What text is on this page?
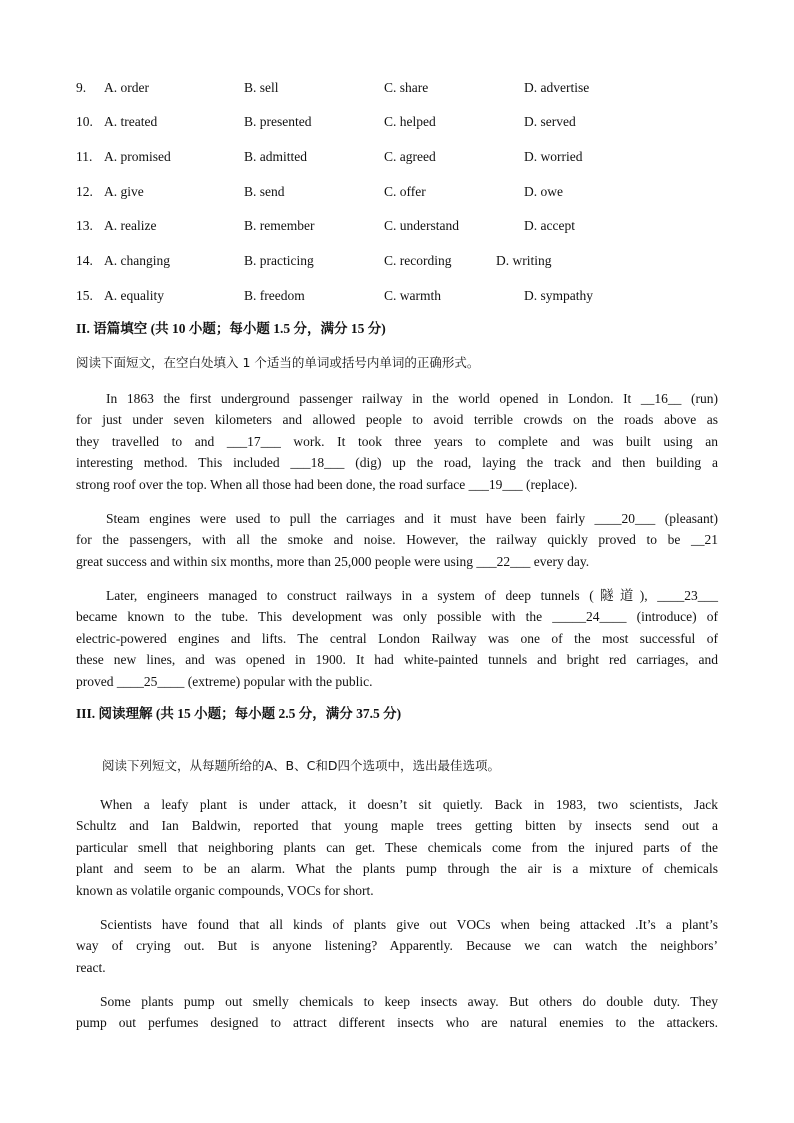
9. A. order	B. sell	C. share	D. advertise
10. A. treated	B. presented	C. helped	D. served
11. A. promised	B. admitted	C. agreed	D. worried
12. A. give	B. send	C. offer	D. owe
13. A. realize	B. remember	C. understand	D. accept
14. A. changing	B. practicing	C. recording	D. writing
15. A. equality	B. freedom	C. warmth	D. sympathy
II. 语篇填空 (共 10 小题；每小题 1.5 分，满分 15 分)
阅读下面短文，在空白处填入 1 个适当的单词或括号内单词的正确形式。
In 1863 the first underground passenger railway in the world opened in London. It __16__ (run)
for just under seven kilometers and allowed people to avoid terrible crowds on the roads above as
they travelled to and ___17___ work. It took three years to complete and was built using an
interesting method. This included ___18___ (dig) up the road, laying the track and then building a
strong roof over the top. When all those had been done, the road surface ___19___ (replace).
Steam engines were used to pull the carriages and it must have been fairly ____20___ (pleasant)
for the passengers, with all the smoke and noise. However, the railway quickly proved to be __21
great success and within six months, more than 25,000 people were using ___22___ every day.
Later, engineers managed to construct railways in a system of deep tunnels (隧道), ____23___
became known to the tube. This development was only possible with the _____24____ (introduce) of
electric-powered engines and lifts. The central London Railway was one of the most successful of
these new lines, and was opened in 1900. It had white-painted tunnels and bright red carriages, and
proved ____25____ (extreme) popular with the public.
III. 阅读理解 (共 15 小题；每小题 2.5 分，满分 37.5 分)
阅读下列短文，从每题所给的A、B、C和D四个选项中，选出最佳选项。
When a leafy plant is under attack, it doesn’t sit quietly. Back in 1983, two scientists, Jack
Schultz and Ian Baldwin, reported that young maple trees getting bitten by insects send out a
particular smell that neighboring plants can get. These chemicals come from the injured parts of the
plant and seem to be an alarm. What the plants pump through the air is a mixture of chemicals
known as volatile organic compounds, VOCs for short.
Scientists have found that all kinds of plants give out VOCs when being attacked .It’s a plant’s
way of crying out. But is anyone listening? Apparently. Because we can watch the neighbors’
react.
Some plants pump out smelly chemicals to keep insects away. But others do double duty. They
pump out perfumes designed to attract different insects who are natural enemies to the attackers.
